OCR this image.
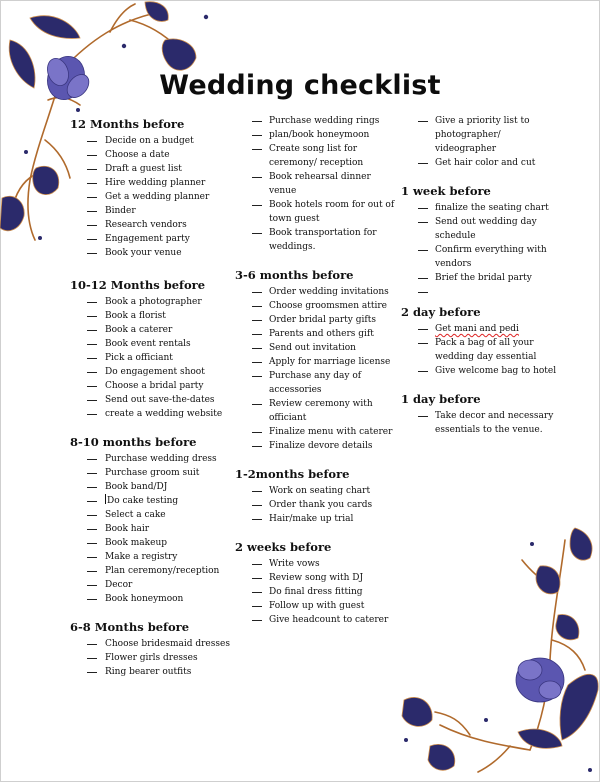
Wedding checklist
12 Months before
Decide on a budget
Choose a date
Draft a guest list
Hire wedding planner
Get a wedding planner
Binder
Research vendors
Engagement party
Book your venue
10-12 Months before
Book a photographer
Book a florist
Book a caterer
Book event rentals
Pick a officiant
Do engagement shoot
Choose a bridal party
Send out save-the-dates
create a wedding website
8-10 months before
Purchase wedding dress
Purchase groom suit
Book band/DJ
Do cake testing
Select a cake
Book hair
Book makeup
Make a registry
Plan ceremony/reception
Decor
Book honeymoon
6-8 Months before
Choose bridesmaid dresses
Flower girls dresses
Ring bearer outfits
Purchase wedding rings
plan/book honeymoon
Create song list for ceremony/ reception
Book rehearsal dinner venue
Book hotels room for out of town guest
Book transportation for weddings.
3-6 months before
Order wedding invitations
Choose groomsmen attire
Order bridal party gifts
Parents and others gift
Send out invitation
Apply for marriage license
Purchase any day of accessories
Review ceremony with officiant
Finalize menu with caterer
Finalize devore details
1-2months before
Work on seating chart
Order thank you cards
Hair/make up trial
2 weeks before
Write vows
Review song with DJ
Do final dress fitting
Follow up with guest
Give headcount to caterer
Give a priority list to photographer/ videographer
Get hair color and cut
1 week before
finalize the seating chart
Send out wedding day schedule
Confirm everything with vendors
Brief the bridal party
2 day before
Get mani and pedi
Pack a bag of all your wedding day essential
Give welcome bag to hotel
1 day before
Take decor and necessary essentials to the venue.
